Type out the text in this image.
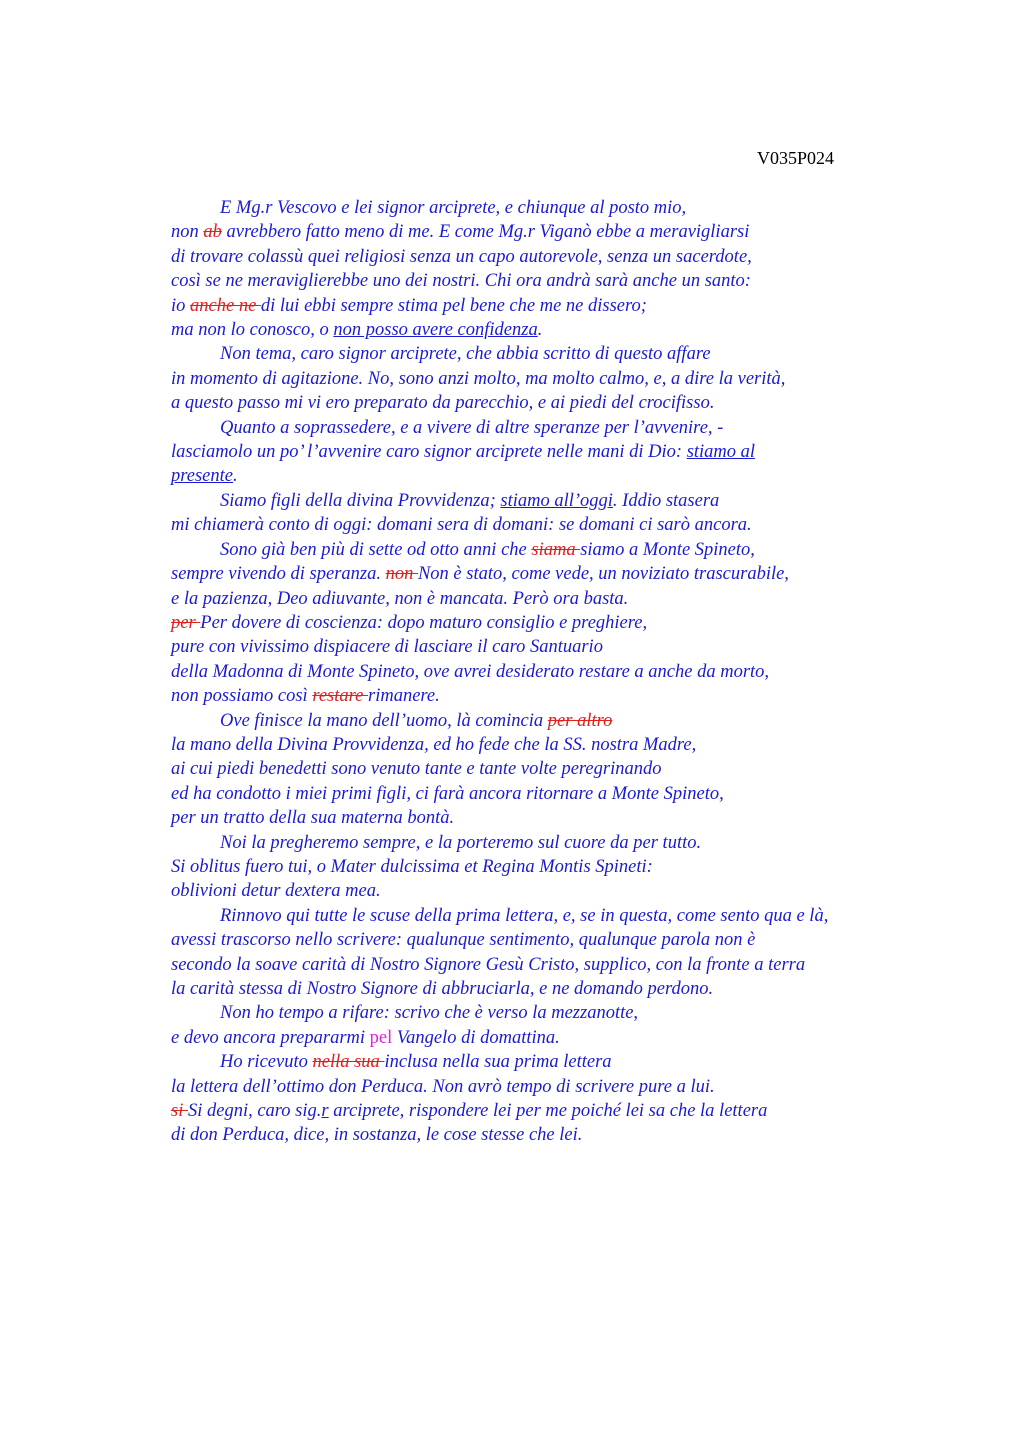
V035P024
E Mg.r Vescovo e lei signor arciprete, e chiunque al posto mio,
non ab avrebbero fatto meno di me. E come Mg.r Viganò ebbe a meravigliarsi
di trovare colassù quei religiosi senza un capo autorevole, senza un sacerdote,
così se ne meraviglierebbe uno dei nostri. Chi ora andrà sarà anche un santo:
io anche ne di lui ebbi sempre stima pel bene che me ne dissero;
ma non lo conosco, o non posso avere confidenza.
Non tema, caro signor arciprete, che abbia scritto di questo affare
in momento di agitazione. No, sono anzi molto, ma molto calmo, e, a dire la verità,
a questo passo mi vi ero preparato da parecchio, e ai piedi del crocifisso.
Quanto a soprassedere, e a vivere di altre speranze per l’avvenire, -
lasciamolo un po’ l’avvenire caro signor arciprete nelle mani di Dio: stiamo al
presente.
Siamo figli della divina Provvidenza; stiamo all’oggi. Iddio stasera
mi chiamerà conto di oggi: domani sera di domani: se domani ci sarò ancora.
Sono già ben più di sette od otto anni che siama siamo a Monte Spineto,
sempre vivendo di speranza. non Non è stato, come vede, un noviziato trascurabile,
e la pazienza, Deo adiuvante, non è mancata. Però ora basta.
per Per dovere di coscienza: dopo maturo consiglio e preghiere,
pure con vivissimo dispiacere di lasciare il caro Santuario
della Madonna di Monte Spineto, ove avrei desiderato restare a anche da morto,
non possiamo così restare rimanere.
Ove finisce la mano dell’uomo, là comincia per altro
la mano della Divina Provvidenza, ed ho fede che la SS. nostra Madre,
ai cui piedi benedetti sono venuto tante e tante volte peregrinando
ed ha condotto i miei primi figli, ci farà ancora ritornare a Monte Spineto,
per un tratto della sua materna bontà.
Noi la pregheremo sempre, e la porteremo sul cuore da per tutto.
Si oblitus fuero tui, o Mater dulcissima et Regina Montis Spineti:
oblivioni detur dextera mea.
Rinnovo qui tutte le scuse della prima lettera, e, se in questa, come sento qua e là,
avessi trascorso nello scrivere: qualunque sentimento, qualunque parola non è
secondo la soave carità di Nostro Signore Gesù Cristo, supplico, con la fronte a terra
la carità stessa di Nostro Signore di abbruciarla, e ne domando perdono.
Non ho tempo a rifare: scrivo che è verso la mezzanotte,
e devo ancora prepararmi pel Vangelo di domattina.
Ho ricevuto nella sua inclusa nella sua prima lettera
la lettera dell’ottimo don Perduca. Non avrò tempo di scrivere pure a lui.
si Si degni, caro sig.r arciprete, rispondere lei per me poiché lei sa che la lettera
di don Perduca, dice, in sostanza, le cose stesse che lei.
